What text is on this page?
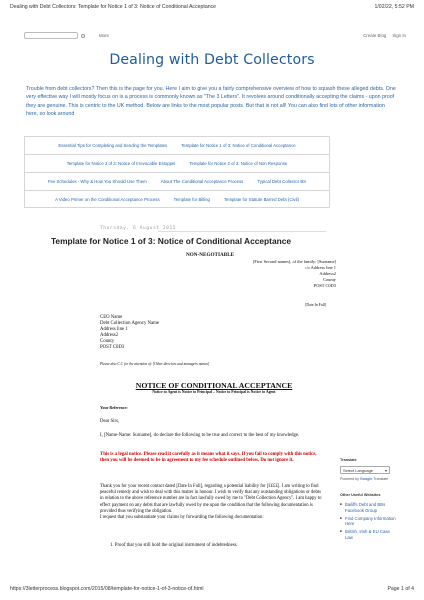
Dealing with Debt Collectors: Template for Notice 1 of 3: Notice of Conditional Acceptance	1/02/22, 5:52 PM
More	Create Blog Sign In
Dealing with Debt Collectors
Trouble from debt collectors? Then this is the page for you. Here I aim to give you a fairly comprehensive overview of how to squash these alleged debts. One very effective way I will mostly focus on is a process is commonly known as "The 3 Letters". It revolves around conditionally accepting the claims - upon proof they are genuine. This is centric to the UK method. Below are links to the most popular posts. But that is not all! You can also find lots of other information here, so look around
Essential Tips for Completing and Sending the Templates	Template for Notice 1 of 3: Notice of Conditional Acceptance
Template for Notice 3 of 3: Notice of Irrevocable Estoppel	Template for Notice 2 of 3: Notice of Non Response
Fee Schedules - Why & How You Should Use Them	About The Conditional Acceptance Process	Typical Debt Collector BS
A Video Primer on the Conditional Acceptance Process	Template for Billing	Template for Statute Barred Debt (Civil)
Thursday, 6 August 2015
Template for Notice 1 of 3: Notice of Conditional Acceptance
NON-NEGOTIABLE
[First Second names], of the family: [Surname]
c/o Address line 1
Address2
County
POST C0D3
[Date In Full]
CEO Name
Debt Collection Agency Name
Address line 1
Address2
County
POST C0D3
Please also C.C for the attention of: [Other directors and managers names]
NOTICE OF CONDITIONAL ACCEPTANCE
Notice to Agent is Notice to Principal – Notice to Principal is Notice to Agent
Your Reference:
Dear Sirs,
I, [Name-Name: Surname], do declare the following to be true and correct to the best of my knowledge.
This is a legal notice. Please read it carefully as it means what it says. If you fail to comply with this notice, then you will be deemed to be in agreement to my fee schedule outlined below. Do not ignore it.
Thank you for your recent contact dated [Date In Full], regarding a potential liability for [££££]. I am writing to find peaceful remedy and wish to deal with this matter in honour. I wish to verify that any outstanding obligations or debts in relation to the above reference number are in fact lawfully owed by me to "Debt Collection Agency". I am happy to effect payment on any debts that are lawfully owed by me upon the condition that the following documentation is provided thus verifying the obligation.
I request that you substantiate your claims by forwarding the following documentation:
1. Proof that you still hold the original instrument of indebtedness.
Translate
Select Language	▾
Powered by Google Translate
Other Useful Websites
■ Bailiffs Debt and BBs Facebook Group
■ Find Company Information Here
■ British, Irish & EU Case Law
https://3letterprocess.blogspot.com/2015/08/template-for-notice-1-of-3-notice-of.html	Page 1 of 4
